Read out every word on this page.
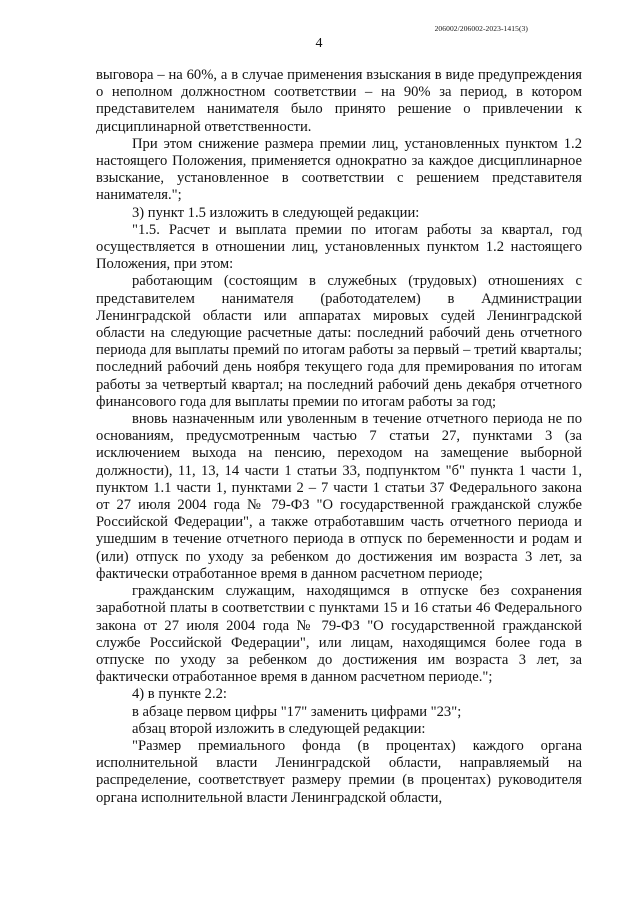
206002/206002-2023-1415(3)
4

выговора – на 60%, а в случае применения взыскания в виде предупреждения о неполном должностном соответствии – на 90% за период, в котором представителем нанимателя было принято решение о привлечении к дисциплинарной ответственности.

При этом снижение размера премии лиц, установленных пунктом 1.2 настоящего Положения, применяется однократно за каждое дисциплинарное взыскание, установленное в соответствии с решением представителя нанимателя.";

3) пункт 1.5 изложить в следующей редакции:

"1.5. Расчет и выплата премии по итогам работы за квартал, год осуществляется в отношении лиц, установленных пунктом 1.2 настоящего Положения, при этом:

работающим (состоящим в служебных (трудовых) отношениях с представителем нанимателя (работодателем) в Администрации Ленинградской области или аппаратах мировых судей Ленинградской области на следующие расчетные даты: последний рабочий день отчетного периода для выплаты премий по итогам работы за первый – третий кварталы; последний рабочий день ноября текущего года для премирования по итогам работы за четвертый квартал; на последний рабочий день декабря отчетного финансового года для выплаты премии по итогам работы за год;

вновь назначенным или уволенным в течение отчетного периода не по основаниям, предусмотренным частью 7 статьи 27, пунктами 3 (за исключением выхода на пенсию, переходом на замещение выборной должности), 11, 13, 14 части 1 статьи 33, подпунктом "б" пункта 1 части 1, пунктом 1.1 части 1, пунктами 2 – 7 части 1 статьи 37 Федерального закона от 27 июля 2004 года № 79-ФЗ "О государственной гражданской службе Российской Федерации", а также отработавшим часть отчетного периода и ушедшим в течение отчетного периода в отпуск по беременности и родам и (или) отпуск по уходу за ребенком до достижения им возраста 3 лет, за фактически отработанное время в данном расчетном периоде;

гражданским служащим, находящимся в отпуске без сохранения заработной платы в соответствии с пунктами 15 и 16 статьи 46 Федерального закона от 27 июля 2004 года № 79-ФЗ "О государственной гражданской службе Российской Федерации", или лицам, находящимся более года в отпуске по уходу за ребенком до достижения им возраста 3 лет, за фактически отработанное время в данном расчетном периоде.";

4) в пункте 2.2:

в абзаце первом цифры "17" заменить цифрами "23";

абзац второй изложить в следующей редакции:

"Размер премиального фонда (в процентах) каждого органа исполнительной власти Ленинградской области, направляемый на распределение, соответствует размеру премии (в процентах) руководителя органа исполнительной власти Ленинградской области,
